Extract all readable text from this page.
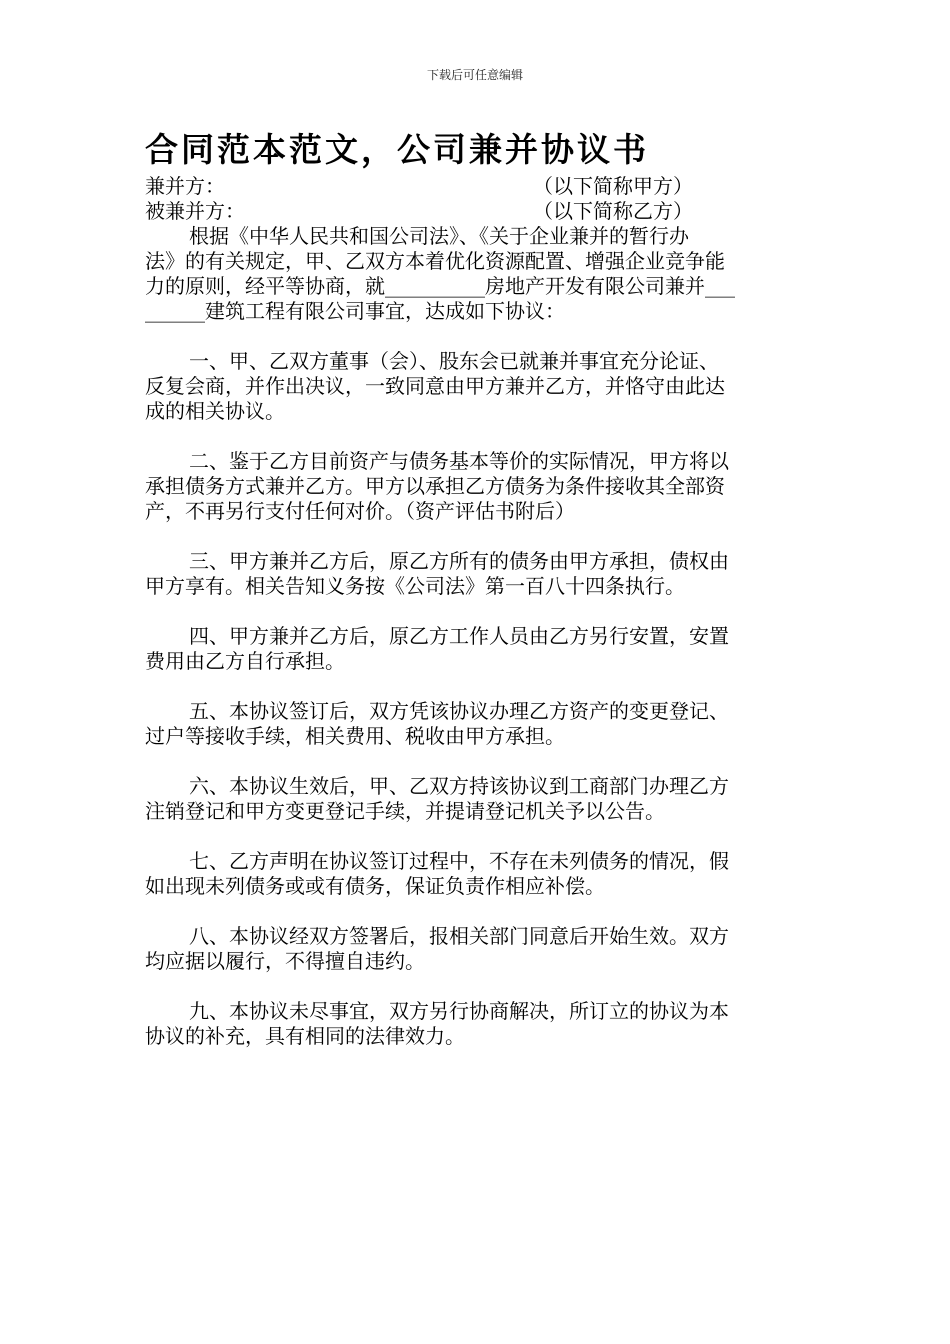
下载后可任意编辑
合同范本范文，公司兼并协议书
兼并方：	（以下简称甲方）
被兼并方：	（以下简称乙方）
根据《中华人民共和国公司法》、《关于企业兼并的暂行办
法》的有关规定，甲、乙双方本着优化资源配置、增强企业竞争能
力的原则，经平等协商，就__________房地产开发有限公司兼并___
______建筑工程有限公司事宜，达成如下协议：
一、甲、乙双方董事（会）、股东会已就兼并事宜充分论证、
反复会商，并作出决议，一致同意由甲方兼并乙方，并恪守由此达
成的相关协议。
二、鉴于乙方目前资产与债务基本等价的实际情况，甲方将以
承担债务方式兼并乙方。甲方以承担乙方债务为条件接收其全部资
产，不再另行支付任何对价。（资产评估书附后）
三、甲方兼并乙方后，原乙方所有的债务由甲方承担，债权由
甲方享有。相关告知义务按《公司法》第一百八十四条执行。
四、甲方兼并乙方后，原乙方工作人员由乙方另行安置，安置
费用由乙方自行承担。
五、本协议签订后，双方凭该协议办理乙方资产的变更登记、
过户等接收手续，相关费用、税收由甲方承担。
六、本协议生效后，甲、乙双方持该协议到工商部门办理乙方
注销登记和甲方变更登记手续，并提请登记机关予以公告。
七、乙方声明在协议签订过程中，不存在未列债务的情况，假
如出现未列债务或或有债务，保证负责作相应补偿。
八、本协议经双方签署后，报相关部门同意后开始生效。双方
均应据以履行，不得擅自违约。
九、本协议未尽事宜，双方另行协商解决，所订立的协议为本
协议的补充，具有相同的法律效力。
